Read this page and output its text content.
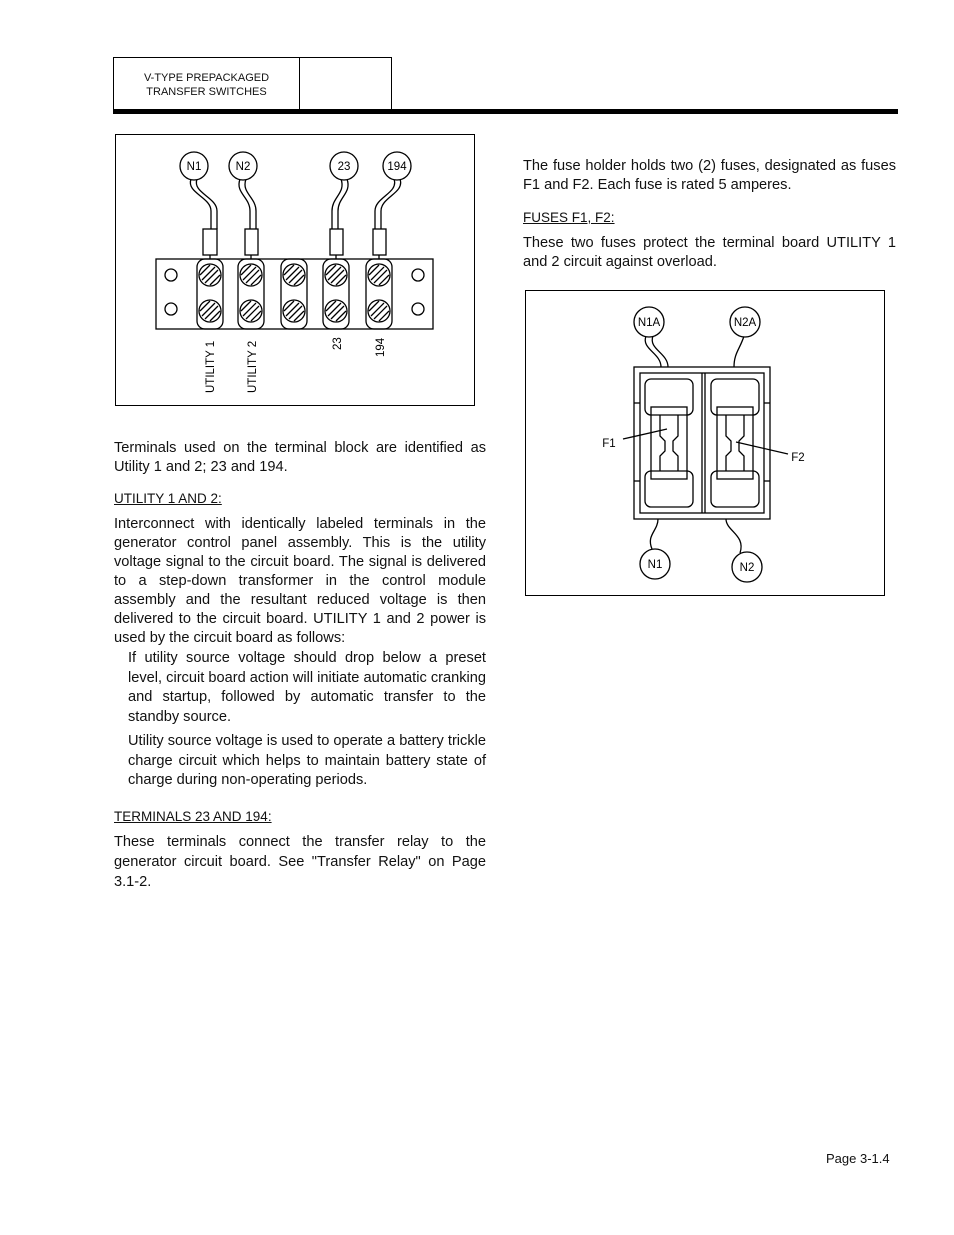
V-TYPE PREPACKAGED
TRANSFER SWITCHES
N1	N2	23	194
UTILITY 1	UTILITY 2	23	194
N1A	N2A
N1	N2
F1
F2
Terminals used on the terminal block are identified as Utility 1 and 2; 23 and 194.
UTILITY 1 AND 2:
Interconnect with identically labeled terminals in the generator control panel assembly. This is the utility voltage signal to the circuit board. The signal is delivered to a step-down transformer in the control module assembly and the resultant reduced voltage is then delivered to the circuit board. UTILITY 1 and 2 power is used by the circuit board as follows:
If utility source voltage should drop below a preset level, circuit board action will initiate automatic cranking and startup, followed by automatic transfer to the standby source.
Utility source voltage is used to operate a battery trickle charge circuit which helps to maintain battery state of charge during non-operating periods.
TERMINALS 23 AND 194:
These terminals connect the transfer relay to the generator circuit board. See "Transfer Relay" on Page 3.1-2.
The fuse holder holds two (2) fuses, designated as fuses F1 and F2. Each fuse is rated 5 amperes.
FUSES F1, F2:
These two fuses protect the terminal board UTILITY 1 and 2 circuit against overload.
Page 3-1.4
